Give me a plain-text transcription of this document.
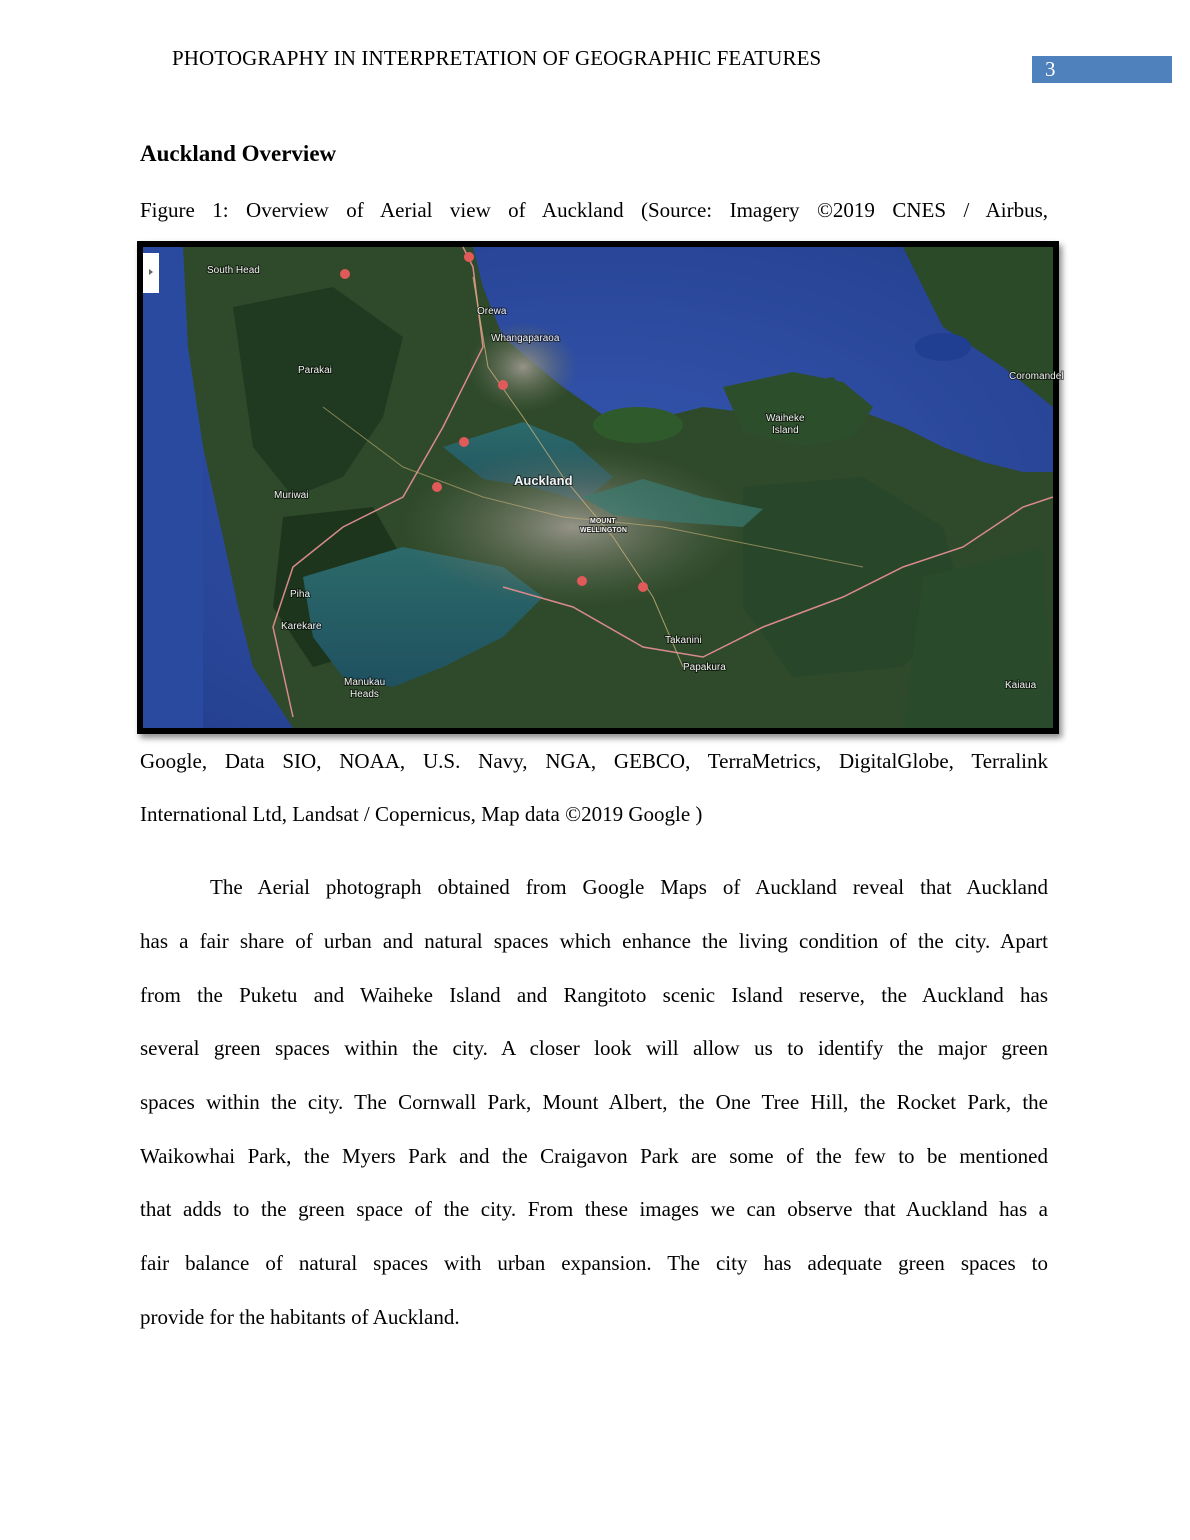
PHOTOGRAPHY IN INTERPRETATION OF GEOGRAPHIC FEATURES	3
Auckland Overview
Figure 1: Overview of Aerial view of Auckland (Source: Imagery ©2019 CNES / Airbus,
South Head
Orewa
Whangaparaoa
Parakai
Waiheke
Island
Coromandel
Auckland
Muriwai
MOUNT
WELLINGTON
Piha
Karekare
Takanini
Papakura
Manukau
Heads
Kaiaua
Google, Data SIO, NOAA, U.S. Navy, NGA, GEBCO, TerraMetrics, DigitalGlobe, Terralink
International Ltd, Landsat / Copernicus, Map data ©2019 Google )
The Aerial photograph obtained from Google Maps of Auckland reveal that Auckland
has a fair share of urban and natural spaces which enhance the living condition of the city. Apart
from the Puketu and Waiheke Island and Rangitoto scenic Island reserve, the Auckland has
several green spaces within the city. A closer look will allow us to identify the major green
spaces within the city. The Cornwall Park, Mount Albert, the One Tree Hill, the Rocket Park, the
Waikowhai Park, the Myers Park and the Craigavon Park are some of the few to be mentioned
that adds to the green space of the city. From these images we can observe that Auckland has a
fair balance of natural spaces with urban expansion. The city has adequate green spaces to
provide for the habitants of Auckland.
